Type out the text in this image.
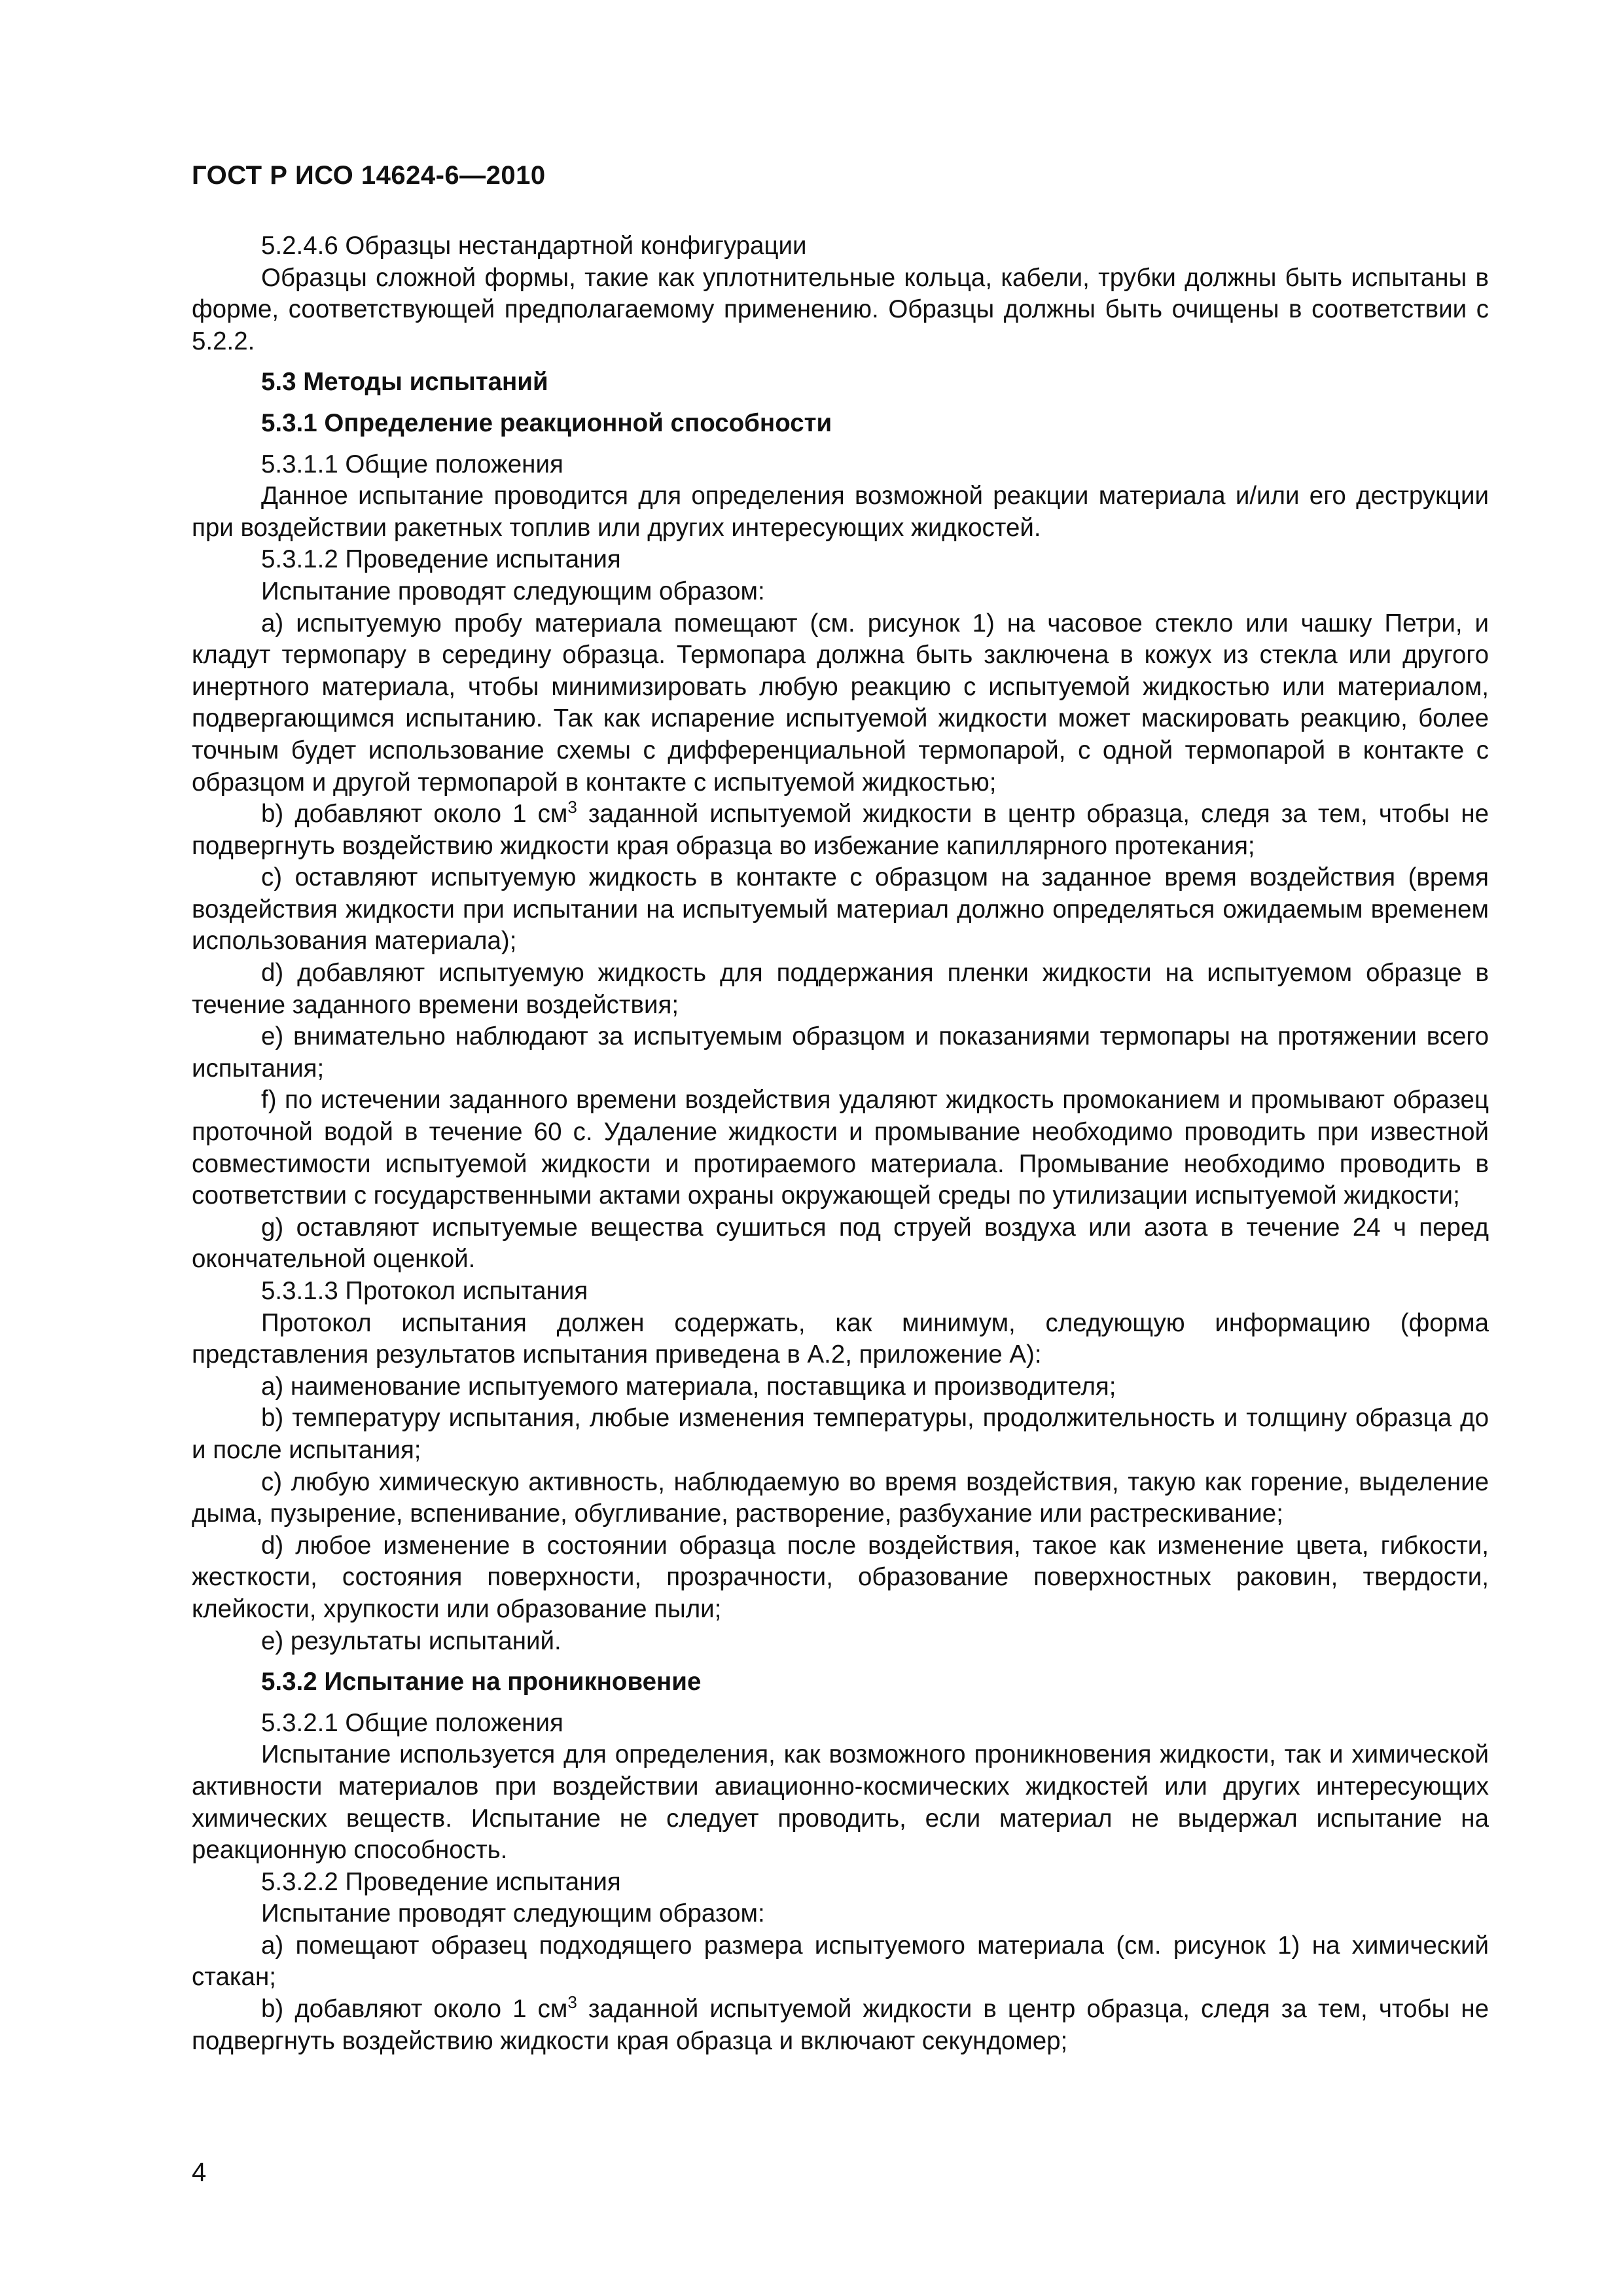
ГОСТ Р ИСО 14624-6—2010

5.2.4.6 Образцы нестандартной конфигурации

Образцы сложной формы, такие как уплотнительные кольца, кабели, трубки должны быть испытаны в форме, соответствующей предполагаемому применению. Образцы должны быть очищены в соответствии с 5.2.2.

5.3 Методы испытаний

5.3.1 Определение реакционной способности

5.3.1.1 Общие положения

Данное испытание проводится для определения возможной реакции материала и/или его деструкции при воздействии ракетных топлив или других интересующих жидкостей.

5.3.1.2 Проведение испытания

Испытание проводят следующим образом:

a) испытуемую пробу материала помещают (см. рисунок 1) на часовое стекло или чашку Петри, и кладут термопару в середину образца. Термопара должна быть заключена в кожух из стекла или другого инертного материала, чтобы минимизировать любую реакцию с испытуемой жидкостью или материалом, подвергающимся испытанию. Так как испарение испытуемой жидкости может маскировать реакцию, более точным будет использование схемы с дифференциальной термопарой, с одной термопарой в контакте с образцом и другой термопарой в контакте с испытуемой жидкостью;

b) добавляют около 1 $см^3$ заданной испытуемой жидкости в центр образца, следя за тем, чтобы не подвергнуть воздействию жидкости края образца во избежание капиллярного протекания;

c) оставляют испытуемую жидкость в контакте с образцом на заданное время воздействия (время воздействия жидкости при испытании на испытуемый материал должно определяться ожидаемым временем использования материала);

d) добавляют испытуемую жидкость для поддержания пленки жидкости на испытуемом образце в течение заданного времени воздействия;

e) внимательно наблюдают за испытуемым образцом и показаниями термопары на протяжении всего испытания;

f) по истечении заданного времени воздействия удаляют жидкость промоканием и промывают образец проточной водой в течение 60 с. Удаление жидкости и промывание необходимо проводить при известной совместимости испытуемой жидкости и протираемого материала. Промывание необходимо проводить в соответствии с государственными актами охраны окружающей среды по утилизации испытуемой жидкости;

g) оставляют испытуемые вещества сушиться под струей воздуха или азота в течение 24 ч перед окончательной оценкой.

5.3.1.3 Протокол испытания

Протокол испытания должен содержать, как минимум, следующую информацию (форма представления результатов испытания приведена в А.2, приложение А):

a) наименование испытуемого материала, поставщика и производителя;

b) температуру испытания, любые изменения температуры, продолжительность и толщину образца до и после испытания;

c) любую химическую активность, наблюдаемую во время воздействия, такую как горение, выделение дыма, пузырение, вспенивание, обугливание, растворение, разбухание или растрескивание;

d) любое изменение в состоянии образца после воздействия, такое как изменение цвета, гибкости, жесткости, состояния поверхности, прозрачности, образование поверхностных раковин, твердости, клейкости, хрупкости или образование пыли;

e) результаты испытаний.

5.3.2 Испытание на проникновение

5.3.2.1 Общие положения

Испытание используется для определения, как возможного проникновения жидкости, так и химической активности материалов при воздействии авиационно-космических жидкостей или других интересующих химических веществ. Испытание не следует проводить, если материал не выдержал испытание на реакционную способность.

5.3.2.2 Проведение испытания

Испытание проводят следующим образом:

a) помещают образец подходящего размера испытуемого материала (см. рисунок 1) на химический стакан;

b) добавляют около 1 $см^3$ заданной испытуемой жидкости в центр образца, следя за тем, чтобы не подвергнуть воздействию жидкости края образца и включают секундомер;

4
